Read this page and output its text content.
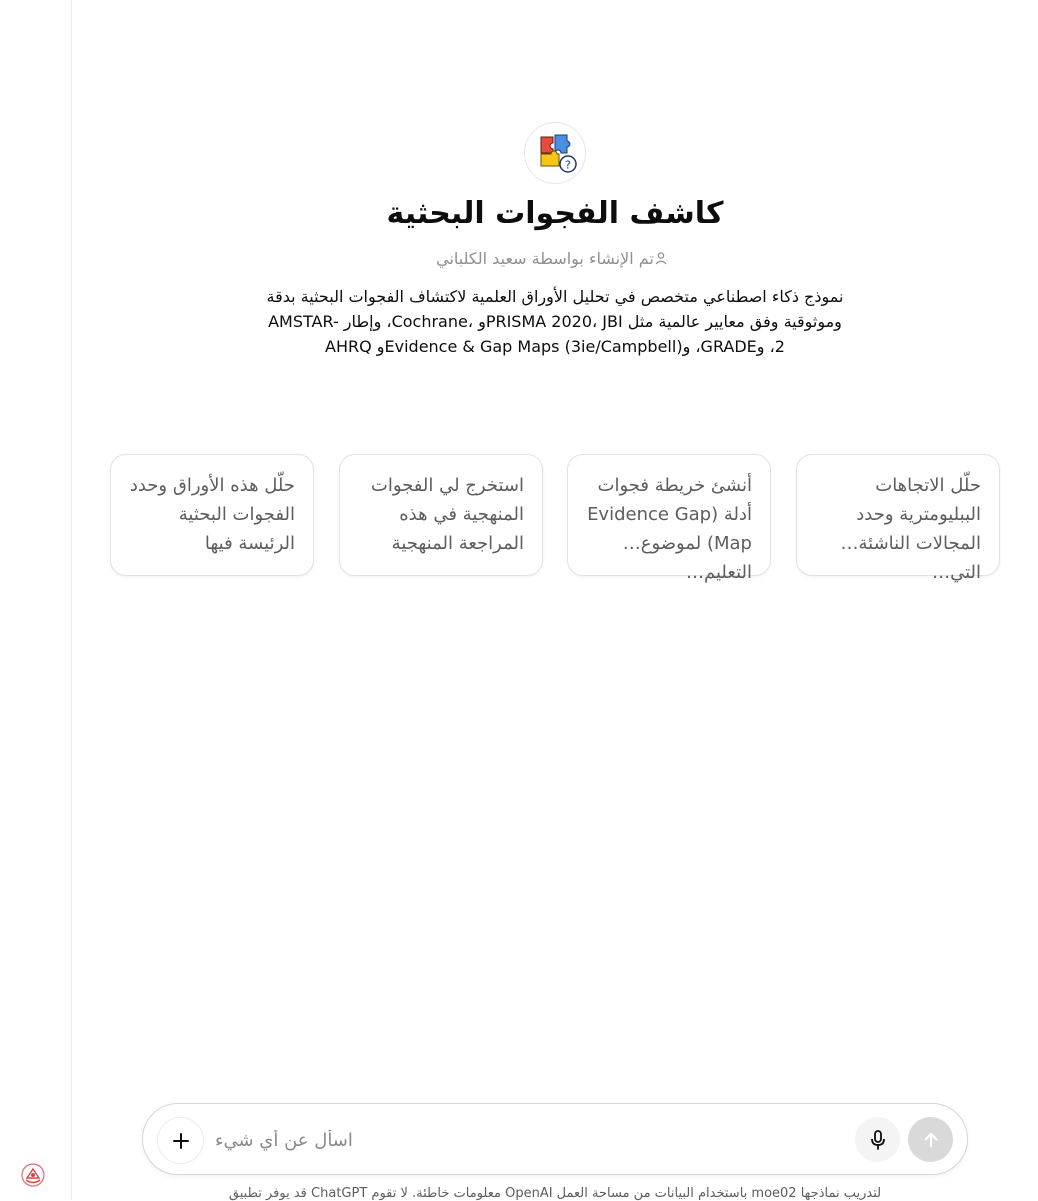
?
كاشف الفجوات البحثية
تم الإنشاء بواسطة سعيد الكلباني
نموذج ذكاء اصطناعي متخصص في تحليل الأوراق العلمية لاكتشاف الفجوات البحثية بدقة وموثوقية وفق معايير عالمية مثل PRISMA 2020، JBIو ،Cochrane، وإطار AMSTAR-2، وGRADE، وEvidence & Gap Maps (3ie/Campbell)و AHRQ
حلّل الاتجاهات الببليومترية وحدد المجالات الناشئة التي…
أنشئ خريطة فجوات أدلة (Evidence Gap Map) لموضوع التعليم…
استخرج لي الفجوات المنهجية في هذه المراجعة المنهجية
حلّل هذه الأوراق وحدد الفجوات البحثية الرئيسة فيها
اسأل عن أي شيء
لتدريب نماذجها moe02 باستخدام البيانات من مساحة العمل OpenAI معلومات خاطئة. لا تقوم ChatGPT قد يوفر تطبيق
